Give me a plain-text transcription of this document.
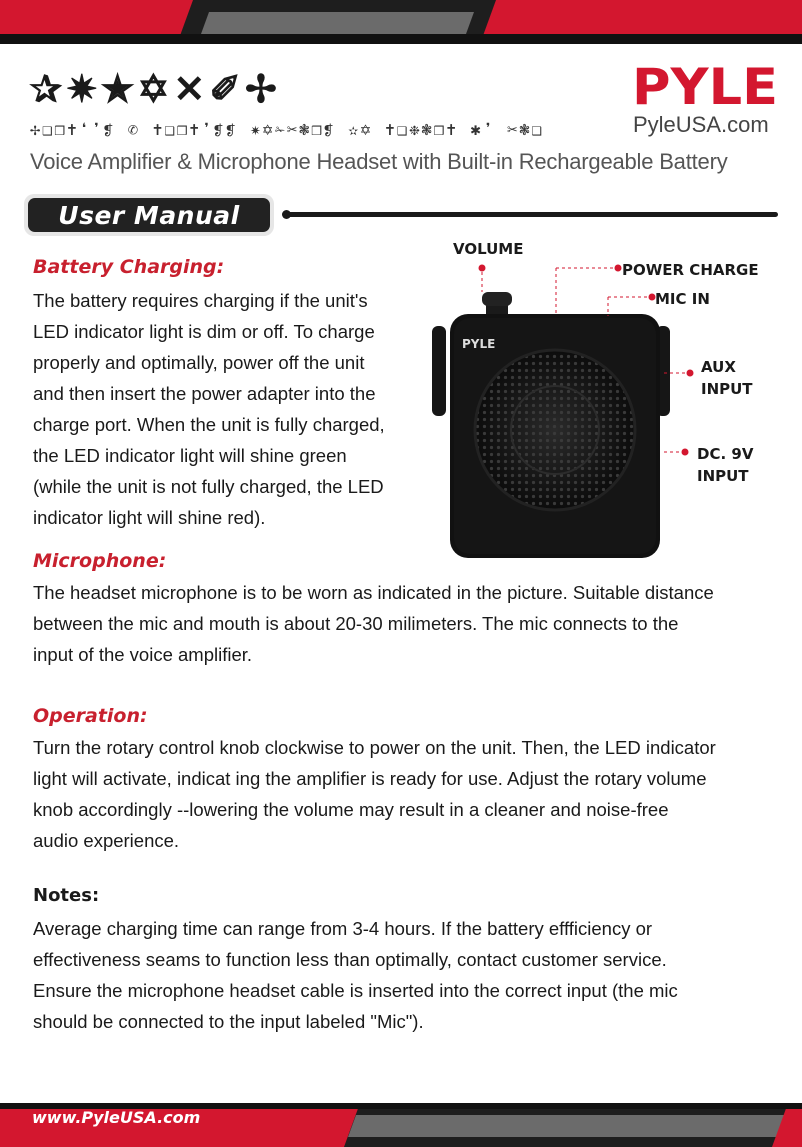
✰✷✭✡✕✐✢
✢❑❒✝❛❜❡ ✆ ✝❑❒✝❜❡❡ ✷✡✁✂❃❒❡ ✫✡ ✝❑❉❃❒✝ ✱❜ ✂❃❑
Voice Amplifier & Microphone Headset with Built-in Rechargeable Battery
PYLE
PyleUSA.com
User Manual
Battery Charging:
The battery requires charging if the unit's
LED indicator light is dim or off. To charge
properly and optimally, power off the unit
and then insert the power adapter into the
charge port. When the unit is fully charged,
the LED indicator light will shine green
(while the unit is not fully charged, the LED
indicator light will shine red).
PYLE
VOLUME
POWER CHARGE
MIC IN
AUX
INPUT
DC. 9V
INPUT
Microphone:
The headset microphone is to be worn as indicated in the picture. Suitable distance
between the mic and mouth is about 20-30 milimeters. The mic connects to the
input of the voice amplifier.
Operation:
Turn the rotary control knob clockwise to power on the unit. Then, the LED indicator
light will activate, indicat ing the amplifier is ready for use. Adjust the rotary volume
knob accordingly --lowering the volume may result in a cleaner and noise-free
audio experience.
Notes:
Average charging time can range from 3-4 hours. If the battery effficiency or
effectiveness seams to function less than optimally, contact customer service.
Ensure the microphone headset cable is inserted into the correct input (the mic
should be connected to the input labeled "Mic").
www.PyleUSA.com
